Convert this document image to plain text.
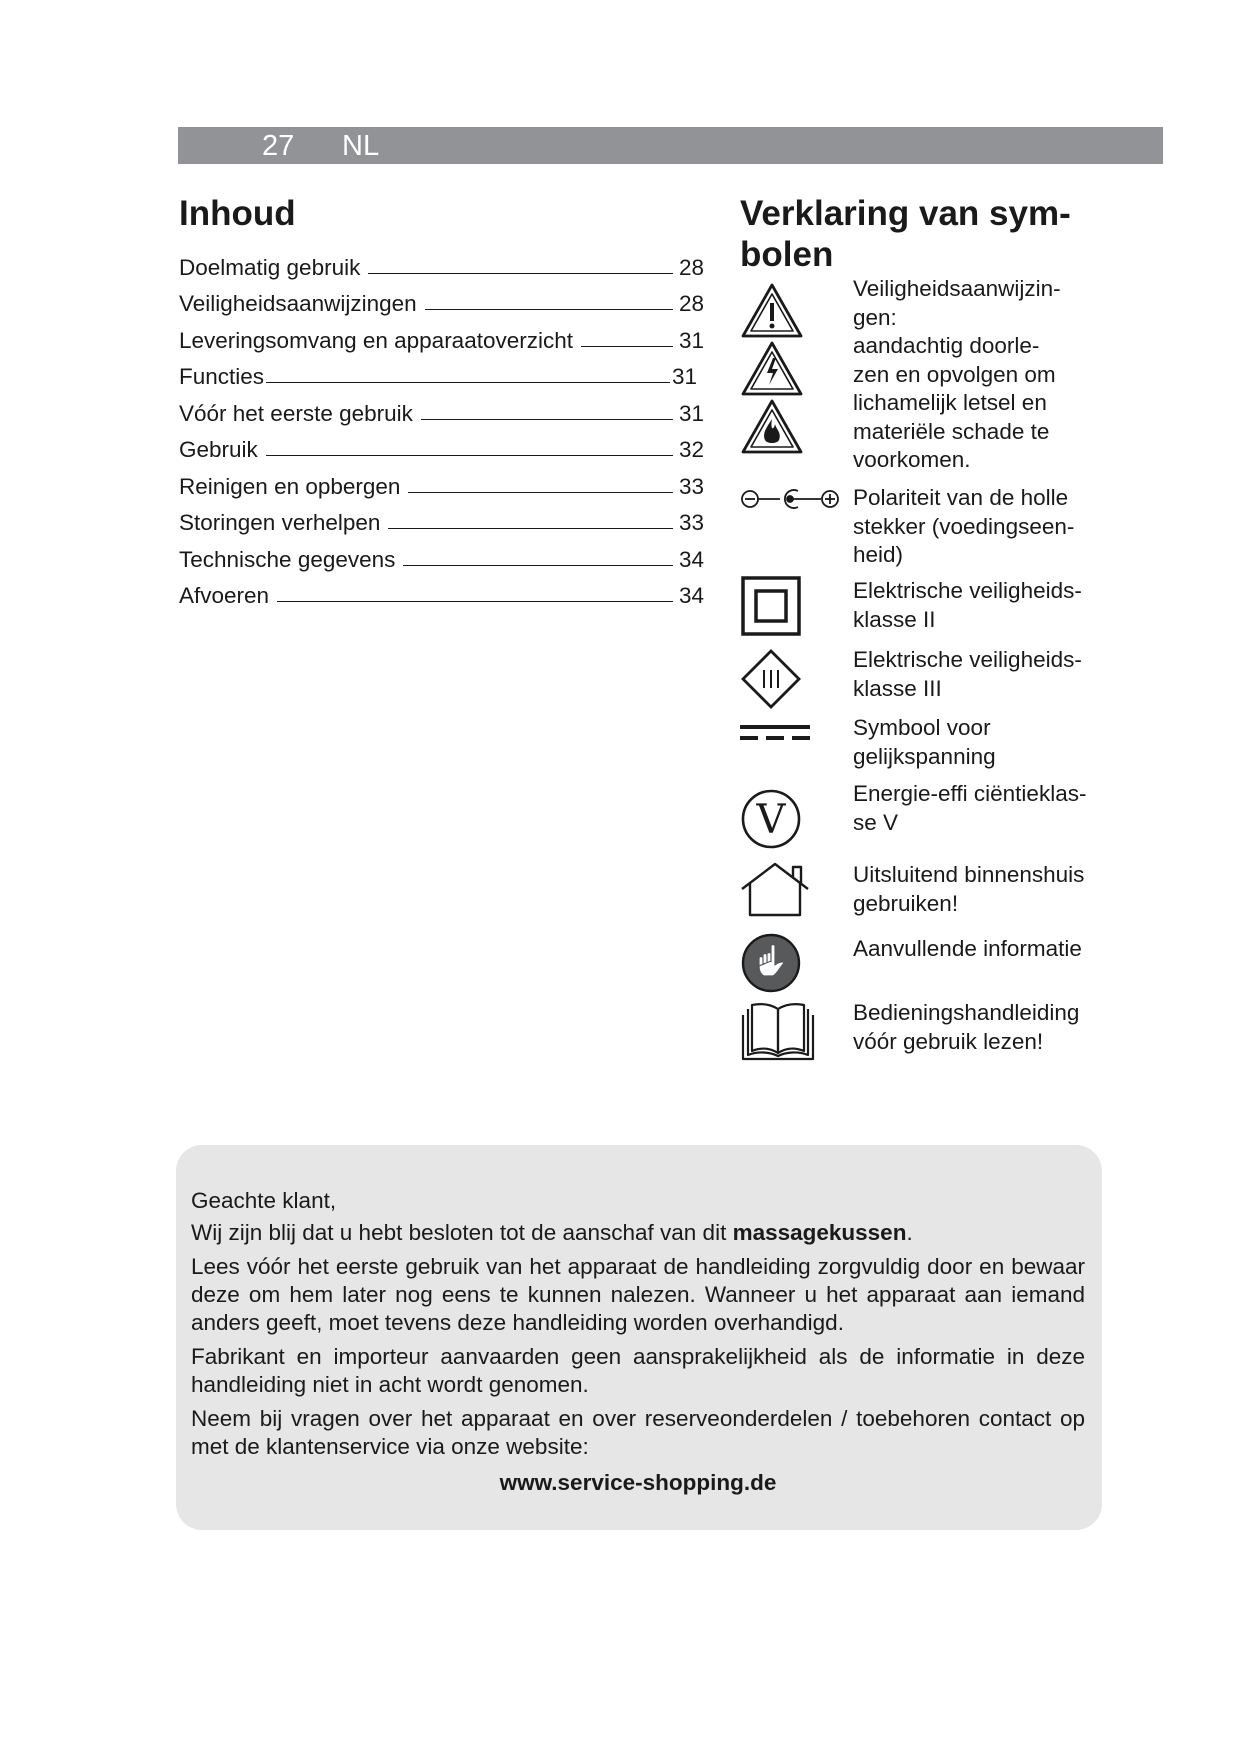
27 NL
Inhoud
Doelmatig gebruik	28
Veiligheidsaanwijzingen	28
Leveringsomvang en apparaatoverzicht	31
Functies	31
Vóór het eerste gebruik	31
Gebruik	32
Reinigen en opbergen	33
Storingen verhelpen	33
Technische gegevens	34
Afvoeren	34
Verklaring van sym-
bolen
Veiligheidsaanwijzin-
gen:
aandachtig doorle-
zen en opvolgen om
lichamelijk letsel en
materiële schade te
voorkomen.
Polariteit van de holle
stekker (voedingseen-
heid)
Elektrische veiligheids-
klasse II
Elektrische veiligheids-
klasse III
Symbool voor
gelijkspanning
V
Energie-effi ciëntieklas-
se V
Uitsluitend binnenshuis
gebruiken!
Aanvullende informatie
Bedieningshandleiding
vóór gebruik lezen!

Geachte klant,

Wij zijn blij dat u hebt besloten tot de aanschaf van dit massagekussen.

Lees vóór het eerste gebruik van het apparaat de handleiding zorgvuldig door en bewaar deze om hem later nog eens te kunnen nalezen. Wanneer u het apparaat aan iemand anders geeft, moet tevens deze handleiding worden overhandigd.

Fabrikant en importeur aanvaarden geen aansprakelijkheid als de informatie in deze handleiding niet in acht wordt genomen.

Neem bij vragen over het apparaat en over reserveonderdelen / toebehoren contact op met de klantenservice via onze website:

www.service-shopping.de
